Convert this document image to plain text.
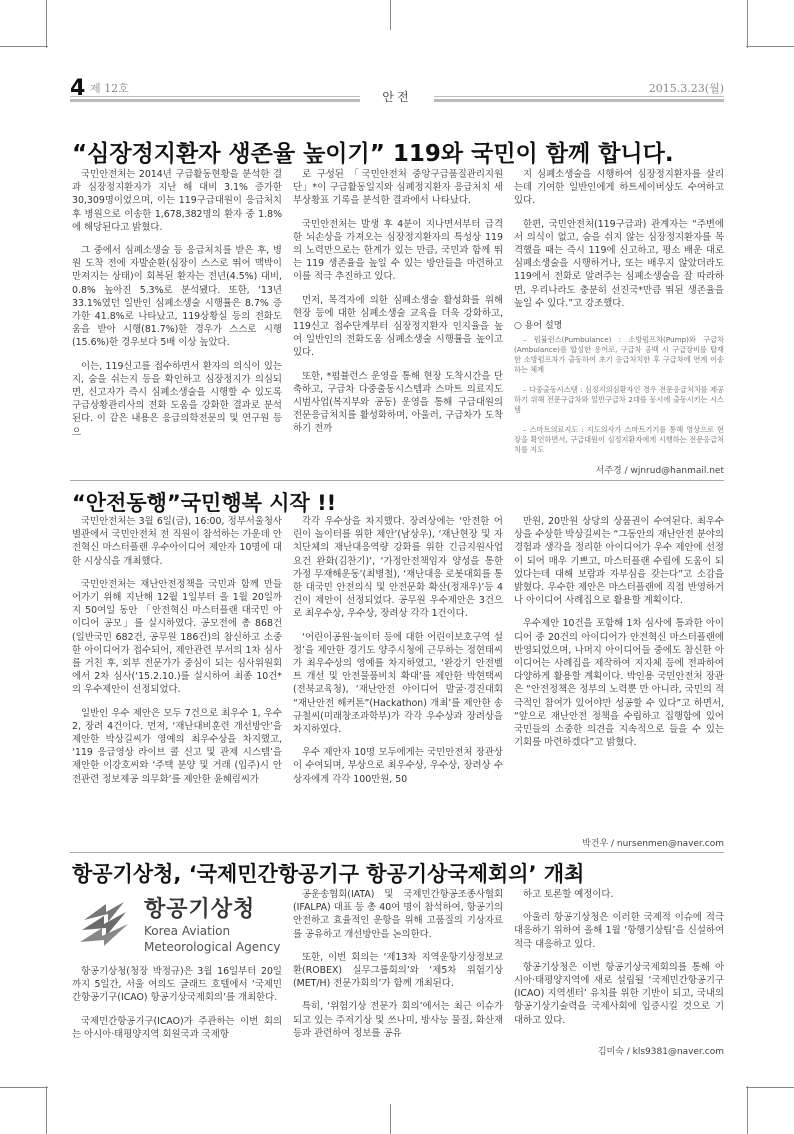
4 제 12호
안전
2015.3.23(월)
“심장정지환자 생존율 높이기” 119와 국민이 함께 합니다.

국민안전처는 2014년 구급활동현황을 분석한 결과 심장정지환자가 지난 해 대비 3.1% 증가한 30,309명이었으며, 이는 119구급대원이 응급처치 후 병원으로 이송한 1,678,382명의 환자 중 1.8%에 해당된다고 밝혔다.

그 중에서 심폐소생술 등 응급처치를 받은 후, 병원 도착 전에 자발순환(심장이 스스로 뛰어 맥박이 만져지는 상태)이 회복된 환자는 전년(4.5%) 대비, 0.8% 높아진 5.3%로 분석됐다. 또한, ‘13년 33.1%였던 일반인 심폐소생술 시행률은 8.7% 증가한 41.8%로 나타났고, 119상황실 등의 전화도움을 받아 시행(81.7%)한 경우가 스스로 시행(15.6%)한 경우보다 5배 이상 높았다.

이는, 119신고를 접수하면서 환자의 의식이 있는지, 숨을 쉬는지 등을 확인하고 심장정지가 의심되면, 신고자가 즉시 심폐소생술을 시행할 수 있도록 구급상황관리사의 전화 도움을 강화한 결과로 분석된다. 이 같은 내용은 응급의학전문의 및 연구원 등으

로 구성된 「국민안전처 중앙구급품질관리지원단」*이 구급활동일지와 심폐정지환자 응급처치 세부상황표 기록을 분석한 결과에서 나타났다.

국민안전처는 발생 후 4분이 지나면서부터 급격한 뇌손상을 가져오는 심장정지환자의 특성상 119의 노력만으로는 한계가 있는 만큼, 국민과 함께 뛰는 119 생존율을 높일 수 있는 방안들을 마련하고 이를 적극 추진하고 있다.

먼저, 목격자에 의한 심폐소생술 활성화를 위해 현장 등에 대한 심폐소생술 교육을 더욱 강화하고, 119신고 접수단계부터 심장정지환자 인지율을 높여 일반인의 전화도움 심폐소생술 시행률을 높이고 있다.

또한, *펌뷸런스 운영을 통해 현장 도착시간을 단축하고, 구급차 다중출동시스템과 스마트 의료지도 시범사업(복지부와 공동) 운영을 통해 구급대원의 전문응급처치를 활성화하며, 아울러, 구급차가 도착하기 전까

지 심폐소생술을 시행하여 심장정지환자를 살리는데 기여한 일반인에게 하트세이버상도 수여하고 있다.

한편, 국민안전처(119구급과) 관계자는 “주변에서 의식이 없고, 숨을 쉬지 않는 심장정지환자를 목격했을 때는 즉시 119에 신고하고, 평소 배운 대로 심폐소생술을 시행하거나, 또는 배우지 않았더라도 119에서 전화로 알려주는 심폐소생술을 잘 따라하면, 우리나라도 충분히 선진국*만큼 뛰된 생존율을 높일 수 있다.”고 강조했다.

○ 용어 설명

– 펌뷸런스(Pumbulance) : 소방펌프차(Pump)와 구급차(Ambulance)를 합성한 용어로, 구급차 공백 시 구급장비를 탑재한 소방펌프차가 출동하여 초기 응급처치한 후 구급차에 연계 이송하는 체계

– 다중출동시스템 : 심정지의심환자인 경우 전문응급처치를 제공하기 위해 전문구급차와 일반구급차 2대를 동시에 출동시키는 시스템

– 스마트의료지도 : 지도의사가 스마트기기를 통해 영상으로 현장을 확인하면서, 구급대원이 심정지환자에게 시행하는 전문응급처치를 지도

서주경 / wjnrud@hanmail.net
“안전동행”국민행복 시작 !!

국민안전처는 3월 6일(금), 16:00, 정부서울청사 별관에서 국민안전처 전 직원이 참석하는 가운데 안전혁신 마스터플랜 우수아이디어 제안자 10명에 대한 시상식을 개최했다.

국민안전처는 재난안전정책을 국민과 함께 만들어가기 위해 지난해 12월 1일부터 올 1월 20일까지 50여일 동안 「안전혁신 마스터플랜 대국민 아이디어 공모」를 실시하였다. 공모전에 총 868건(일반국민 682건, 공무원 186건)의 참신하고 소중한 아이디어가 접수되어, 제안관련 부서의 1차 심사를 거친 후, 외부 전문가가 중심이 되는 심사위원회에서 2차 심사(‘15.2.10.)를 실시하여 최종 10건*의 우수제안이 선정되었다.

일반인 우수 제안은 모두 7건으로 최우수 1, 우수 2, 장려 4건이다. 먼저, ‘재난대비훈련 개선방안’을 제안한 박상길씨가 영예의 최우수상을 차지했고, ‘119 응급영상 라이브 콜 신고 및 관제 시스템’을 제안한 이강호씨와 ‘주택 분양 및 거래 (입주)시 안전관련 정보제공 의무화’를 제안한 윤혜림씨가

각각 우수상을 차지했다. 장려상에는 ‘안전한 어린이 놀이터를 위한 제안’(남상우), ‘재난현장 및 자치단체의 재난대응역량 강화를 위한 긴급지원사업 요건 완화(김찬기)’, ‘가정안전책임자 양성을 통한 가정 무재해운동’(최병철), ‘재난대응 로봇대회를 통한 대국민 안전의식 및 안전문화 확산(정재우)’등 4건이 제안이 선정되었다. 공무원 우수제안은 3건으로 최우수상, 우수상, 장려상 각각 1건이다.

‘어린이공원·놀이터 등에 대한 어린이보호구역 설정’을 제안한 경기도 양주시청에 근무하는 정현태씨가 최우수상의 영예를 차지하였고, ‘완강기 안전벨트 개선 및 안전물품비치 확대’를 제안한 박현택씨(전북교육청), ‘재난안전 아이디어 발굴·경진대회 “재난안전 해커톤”(Hackathon) 개최’를 제안한 송규철씨(미래창조과학부)가 각각 우수상과 장려상을 차지하였다.

우수 제안자 10명 모두에게는 국민안전처 장관상이 수여되며, 부상으로 최우수상, 우수상, 장려상 수상자에게 각각 100만원, 50

만원, 20만원 상당의 상품권이 수여된다. 최우수상을 수상한 박상길씨는 “그동안의 재난안전 분야의 경험과 생각을 정리한 아이디어가 우수 제안에 선정이 되어 매우 기쁘고, 마스터플랜 수립에 도움이 되었다는데 대해 보람과 자부심을 갖는다”고 소감을 밝혔다. 우수한 제안은 마스터플랜에 직접 반영하거나 아이디어 사례집으로 활용할 계획이다.

우수제안 10건을 포함해 1차 심사에 통과한 아이디어 중 20건의 아이디어가 안전혁신 마스터플랜에 반영되었으며, 나머지 아이디어들 중에도 참신한 아이디어는 사례집을 제작하여 지자체 등에 전파하여 다양하게 활용할 계획이다. 박인용 국민안전처 장관은 “안전정책은 정부의 노력뿐 만 아니라, 국민의 적극적인 참여가 있어야만 성공할 수 있다”고 하면서, “앞으로 재난안전 정책을 수립하고 집행함에 있어 국민들의 소중한 의견을 지속적으로 들을 수 있는 기회를 마련하겠다”고 밝혔다.

박건우 / nursenmen@naver.com
항공기상청, ‘국제민간항공기구 항공기상국제회의’ 개최
항공기상청
Korea Aviation
Meteorological Agency

항공기상청(청장 박정규)은 3월 16일부터 20일까지 5일간, 서울 여의도 글래드 호텔에서 ‘국제민간항공기구(ICAO) 항공기상국제회의’를 개최한다.

국제민간항공기구(ICAO)가 주관하는 이번 회의는 아시아·태평양지역 회원국과 국제항

공운송협회(IATA) 및 국제민간항공조종사협회(IFALPA) 대표 등 총 40여 명이 참석하여, 항공기의 안전하고 효율적인 운항을 위해 고품질의 기상자료를 공유하고 개선방안을 논의한다.

또한, 이번 회의는 ‘제13차 지역운항기상정보교환(ROBEX) 실무그룹회의’와 ‘제5차 위험기상(MET/H) 전문가회의’가 함께 개최된다.

특히, ‘위험기상 전문가 회의’에서는 최근 이슈가 되고 있는 주저기상 및 쓰나미, 방사능 물질, 화산재 등과 관련하여 정보를 공유

하고 토론할 예정이다.

아울러 항공기상청은 이러한 국제적 이슈에 적극 대응하기 위하여 올해 1월 ‘항행기상팀’을 신설하여 적극 대응하고 있다.

항공기상청은 이번 항공기상국제회의를 통해 아시아·태평양지역에 새로 설립될 ‘국제민간항공기구(ICAO) 지역센터’ 유치를 위한 기반이 되고, 국내의 항공기상기술력을 국제사회에 입증시킬 것으로 기대하고 있다.

김미숙 / kls9381@naver.com
